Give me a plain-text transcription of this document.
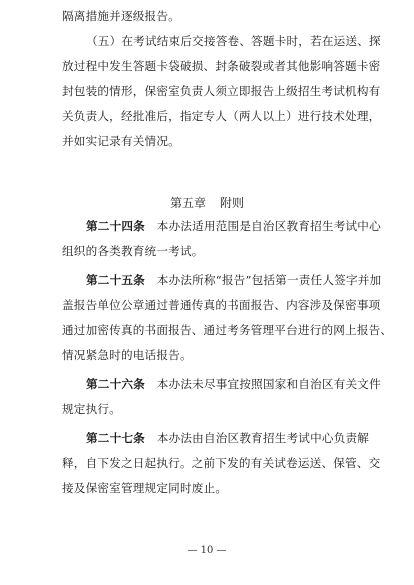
隔离措施并逐级报告。
（五）在考试结束后交接答卷、答题卡时，若在运送、探
放过程中发生答题卡袋破损、封条破裂或者其他影响答题卡密
封包装的情形，保密室负责人须立即报告上级招生考试机构有
关负责人，经批准后，指定专人（两人以上）进行技术处理，
并如实记录有关情况。
第五章 附则
第二十四条　 本办法适用范围是自治区教育招生考试中心
组织的各类教育统一考试。
第二十五条　 本办法所称“报告”包括第一责任人签字并加
盖报告单位公章通过普通传真的书面报告、内容涉及保密事项
通过加密传真的书面报告、通过考务管理平台进行的网上报告、
情况紧急时的电话报告。
第二十六条　 本办法未尽事宜按照国家和自治区有关文件
规定执行。
第二十七条　 本办法由自治区教育招生考试中心负责解
释，自下发之日起执行。之前下发的有关试卷运送、保管、交
接及保密室管理规定同时废止。
— 10 —
